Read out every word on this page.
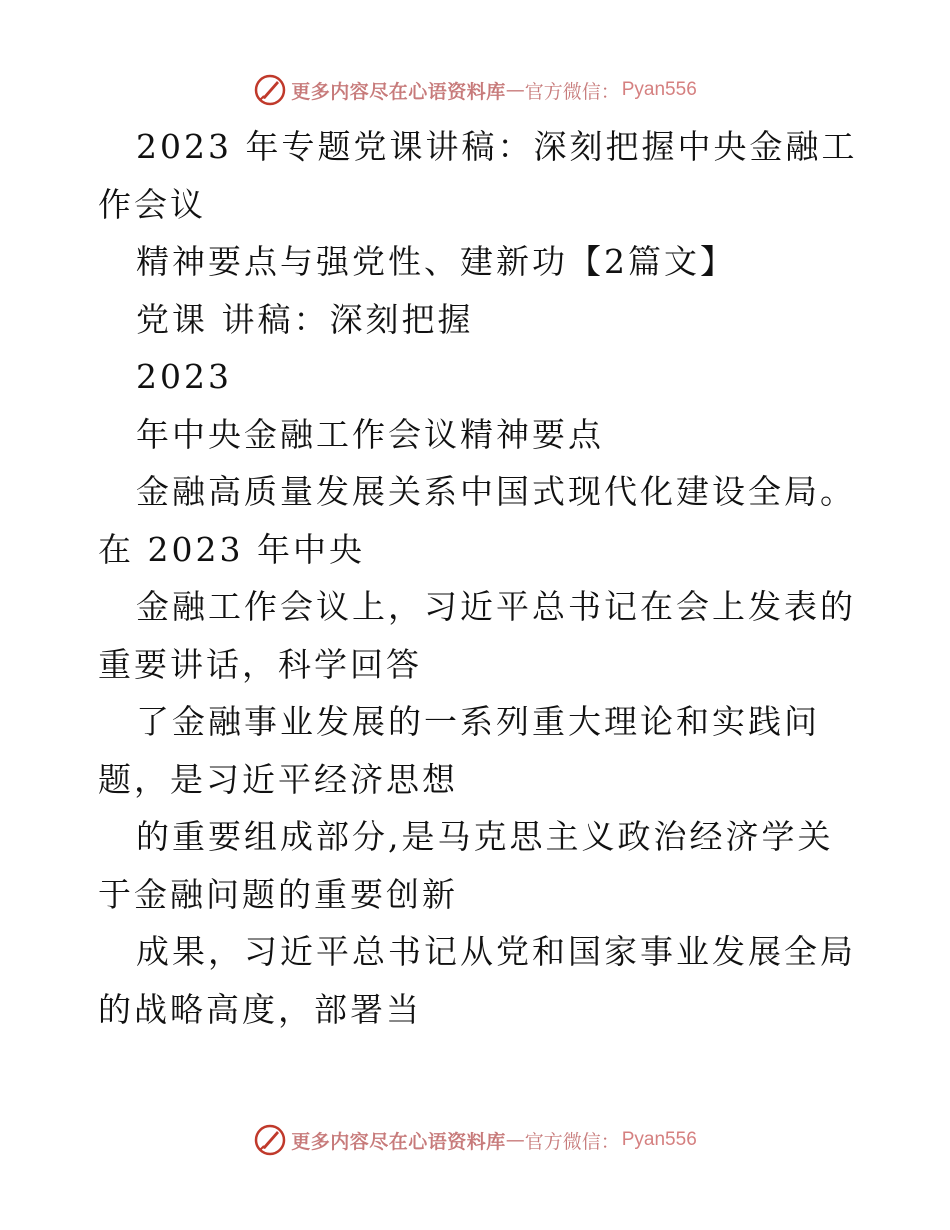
更多内容尽在心语资料库 — 官方微信： Pyan556

2023 年专题党课讲稿：深刻把握中央金融工作会议

精神要点与强党性、建新功【2篇文】

党课 讲稿：深刻把握

2023

年中央金融工作会议精神要点

金融高质量发展关系中国式现代化建设全局。在 2023 年中央

金融工作会议上，习近平总书记在会上发表的重要讲话，科学回答

了金融事业发展的一系列重大理论和实践问题，是习近平经济思想

的重要组成部分,是马克思主义政治经济学关于金融问题的重要创新

成果，习近平总书记从党和国家事业发展全局的战略高度，部署当

更多内容尽在心语资料库 — 官方微信： Pyan556
